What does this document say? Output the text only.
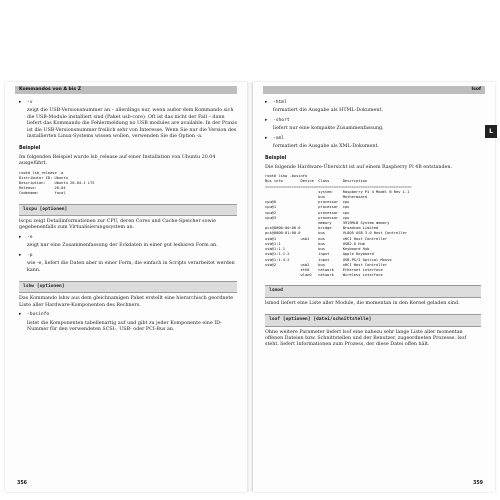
Kommandos von A bis Z
▸ -v

zeigt die USB-Versionsnummer an – allerdings nur, wenn außer dem Kommando sich die USB-Module installiert sind (Paket usb-core). Oft ist das nicht der Fall – dann liefert das Kommando die Fehlermeldung no USB modules are available. In der Praxis ist die USB-Versionsnummer freilich sehr von Interesse. Wenn Sie nur die Version des installierten Linux-Systems wissen wollen, verwenden Sie die Option -a.

Beispiel

Im folgenden Beispiel wurde lsb_release auf einer Installation von Ubuntu 20.04 ausgeführt.

root# lsb_release -a
Distributor ID: Ubuntu
Description:    Ubuntu 20.04.1 LTS
Release:        20.04
Codename:       focal
lscpu [optionen]

lscpu zeigt Detailinformationen zur CPU, deren Cores und Cache-Speicher sowie gegebenenfalls zum Virtualisierungssystem an.

▸ -e

zeigt nur eine Zusammenfassung der Eckdaten in einer gut lesbaren Form an.

▸ -p

wie -e, liefert die Daten aber in einer Form, die einfach in Scripts verarbeitet werden kann.

lshw [optionen]

Das Kommando lshw aus dem gleichnamigen Paket erstellt eine hierarchisch geordnete Liste aller Hardware-Komponenten des Rechners.

▸ -businfo

listet die Komponenten tabellenartig auf und gibt zu jeder Komponente eine ID-Nummer für den verwendeten SCSI-, USB- oder PCI-Bus an.

356
lsof
▸ -html

formatiert die Ausgabe als HTML-Dokument.

▸ -short

liefert nur eine kompakte Zusammenfassung.

▸ -xml

formatiert die Ausgabe als XML-Dokument.

Beispiel

Die folgende Hardware-Übersicht ist auf einem Raspberry Pi 4B entstanden.

root# lshw -businfo
Bus info        Device  Class      Description
==================================================================
system     Raspberry Pi 4 Model B Rev 1.1
bus        Motherboard
cpu@0                   processor  cpu
cpu@1                   processor  cpu
cpu@2                   processor  cpu
cpu@3                   processor  cpu
memory     3919MiB System memory
pci@0000:00:00.0        bridge     Broadcom Limited
pci@0000:01:00.0        bus        VL805 USB 3.0 Host Controller
usb@1           usb1    bus        xHCI Host Controller
usb@1:1                 bus        USB2.0 Hub
usb@1:1.1               bus        Keyboard Hub
usb@1:1.1.2             input      Apple Keyboard
usb@1:1.4.2             input      USB-PS/2 Optical Mouse
usb@2           usb2    bus        xHCI Host Controller
eth0    network    Ethernet interface
wlan0   network    Wireless interface
lsmod

lsmod liefert eine Liste aller Module, die momentan in den Kernel geladen sind.

lsof [optionen] [datei/schnittstelle]

Ohne weitere Parameter liefert lsof eine nahezu sehr lange Liste aller momentan offenen Dateien bzw. Schnittstellen und der Benutzer, zugeordneten Prozesse. lsof steht. liefert Informationen zum Prozess, der diese Datei offen hält.

359
L
